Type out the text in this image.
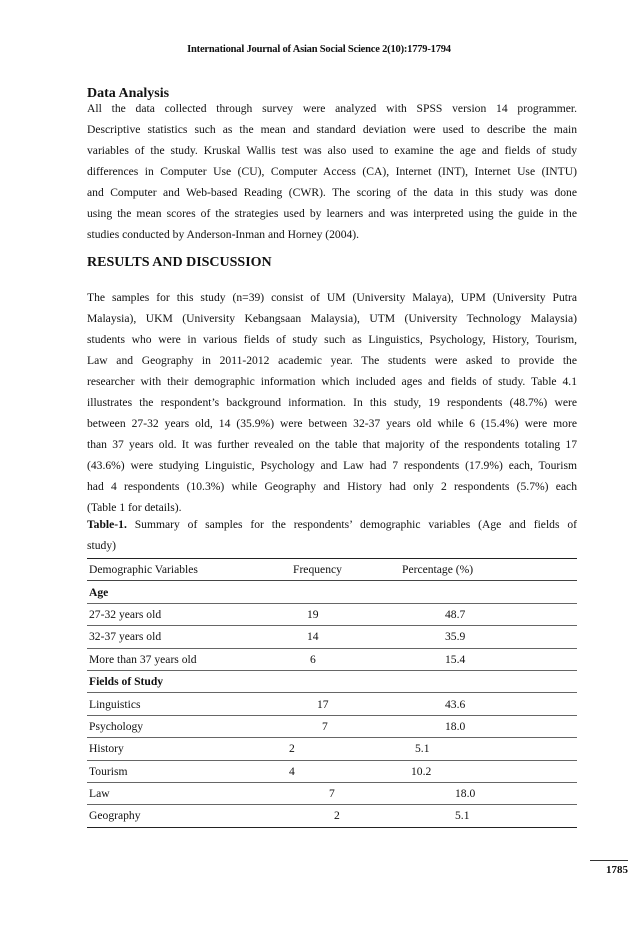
International Journal of Asian Social Science 2(10):1779-1794
Data Analysis
All the data collected through survey were analyzed with SPSS version 14 programmer.
Descriptive statistics such as the mean and standard deviation were used to describe the main
variables of the study. Kruskal Wallis test was also used to examine the age and fields of study
differences in Computer Use (CU), Computer Access (CA), Internet (INT), Internet Use (INTU)
and Computer and Web-based Reading (CWR). The scoring of the data in this study was done
using the mean scores of the strategies used by learners and was interpreted using the guide in the
studies conducted by Anderson-Inman and Horney (2004).
RESULTS AND DISCUSSION
The samples for this study (n=39) consist of UM (University Malaya), UPM (University Putra
Malaysia), UKM (University Kebangsaan Malaysia), UTM (University Technology Malaysia)
students who were in various fields of study such as Linguistics, Psychology, History, Tourism,
Law and Geography in 2011-2012 academic year. The students were asked to provide the
researcher with their demographic information which included ages and fields of study. Table 4.1
illustrates the respondent’s background information. In this study, 19 respondents (48.7%) were
between 27-32 years old, 14 (35.9%) were between 32-37 years old while 6 (15.4%) were more
than 37 years old. It was further revealed on the table that majority of the respondents totaling 17
(43.6%) were studying Linguistic, Psychology and Law had 7 respondents (17.9%) each, Tourism
had 4 respondents (10.3%) while Geography and History had only 2 respondents (5.7%) each
(Table 1 for details).
Table-1. Summary of samples for the respondents’ demographic variables (Age and fields of
study)
Demographic Variables	Frequency	Percentage (%)

Age

27-32 years old	19	48.7

32-37 years old	14	35.9

More than 37 years old	6	15.4

Fields of Study

Linguistics	17	43.6

Psychology	7	18.0

History	2	5.1

Tourism	4	10.2

Law	7	18.0

Geography	2	5.1
1785
